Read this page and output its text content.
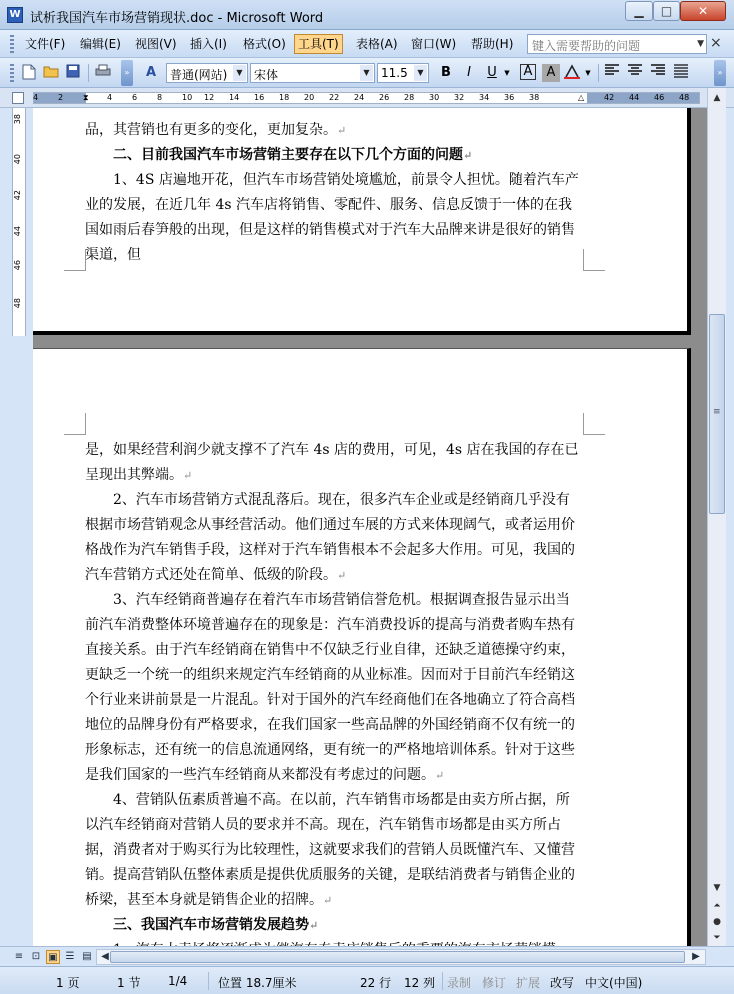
W 试析我国汽车市场营销现状.doc - Microsoft Word	▁	□	✕
文件(F) 编辑(E) 视图(V) 插入(I) 格式(O)	工具(T)	表格(A) 窗口(W) 帮助(H)	键入需要帮助的问题	▼ ×
»	A	普通(网站)	▼ 宋体	▼ 11.5	▼	B	I	U	▼ A	A	▼	»
4 2 ⧗ 4 6 8 10 12 14 16 18 20 22 24 26 28 30 32 34 36 38	△ 42 44 46 48
38
40
42
44
46
48

品，其营销也有更多的变化，更加复杂。↵

二、目前我国汽车市场营销主要存在以下几个方面的问题↵

1、4S 店遍地开花，但汽车市场营销处境尴尬，前景令人担忧。随着汽车产业的发展，在近几年 4s 汽车店将销售、零配件、服务、信息反馈于一体的在我国如雨后春笋般的出现，但是这样的销售模式对于汽车大品牌来讲是很好的销售渠道，但

是，如果经营利润少就支撑不了汽车 4s 店的费用，可见，4s 店在我国的存在已呈现出其弊端。↵

2、汽车市场营销方式混乱落后。现在，很多汽车企业或是经销商几乎没有根据市场营销观念从事经营活动。他们通过车展的方式来体现阔气，或者运用价格战作为汽车销售手段，这样对于汽车销售根本不会起多大作用。可见，我国的汽车营销方式还处在简单、低级的阶段。↵

3、汽车经销商普遍存在着汽车市场营销信誉危机。根据调查报告显示出当前汽车消费整体环境普遍存在的现象是：汽车消费投诉的提高与消费者购车热有直接关系。由于汽车经销商在销售中不仅缺乏行业自律，还缺乏道德操守约束，更缺乏一个统一的组织来规定汽车经销商的从业标准。因而对于目前汽车经销这个行业来讲前景是一片混乱。针对于国外的汽车经商他们在各地确立了符合高档地位的品牌身份有严格要求，在我们国家一些高品牌的外国经销商不仅有统一的形象标志，还有统一的信息流通网络，更有统一的严格地培训体系。针对于这些是我们国家的一些汽车经销商从来都没有考虑过的问题。↵

4、营销队伍素质普遍不高。在以前，汽车销售市场都是由卖方所占据，所以汽车经销商对营销人员的要求并不高。现在，汽车销售市场都是由买方所占据，消费者对于购买行为比较理性，这就要求我们的营销人员既懂汽车、又懂营销。提高营销队伍整体素质是提供优质服务的关键，是联结消费者与销售企业的桥梁，甚至本身就是销售企业的招牌。↵

三、我国汽车市场营销发展趋势↵

▲
≡
▼
⏶
●
⏷
≡ ⊡ ▣ ☰ ▤ ◀	▶
1 页	1 节 1/4	位置 18.7厘米	22 行 12 列 录制 修订 扩展 改写 中文(中国)
